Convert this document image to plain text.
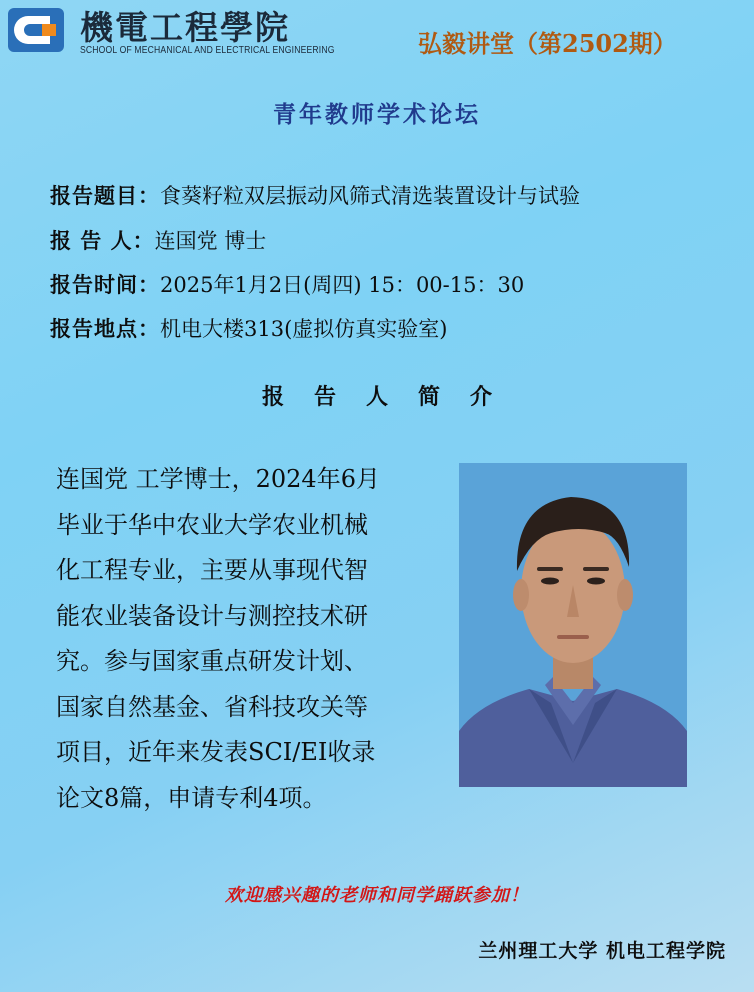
機電工程學院
SCHOOL OF MECHANICAL AND ELECTRICAL ENGINEERING	弘毅讲堂（第2502期）
青年教师学术论坛
报告题目：食葵籽粒双层振动风筛式清选装置设计与试验
报 告 人：连国党 博士
报告时间：2025年1月2日(周四) 15：00-15：30
报告地点：机电大楼313(虚拟仿真实验室)
报告人简介
连国党 工学博士，2024年6月
毕业于华中农业大学农业机械
化工程专业，主要从事现代智
能农业装备设计与测控技术研
究。参与国家重点研发计划、
国家自然基金、省科技攻关等
项目，近年来发表SCI/EI收录
论文8篇，申请专利4项。
欢迎感兴趣的老师和同学踊跃参加！
兰州理工大学 机电工程学院
